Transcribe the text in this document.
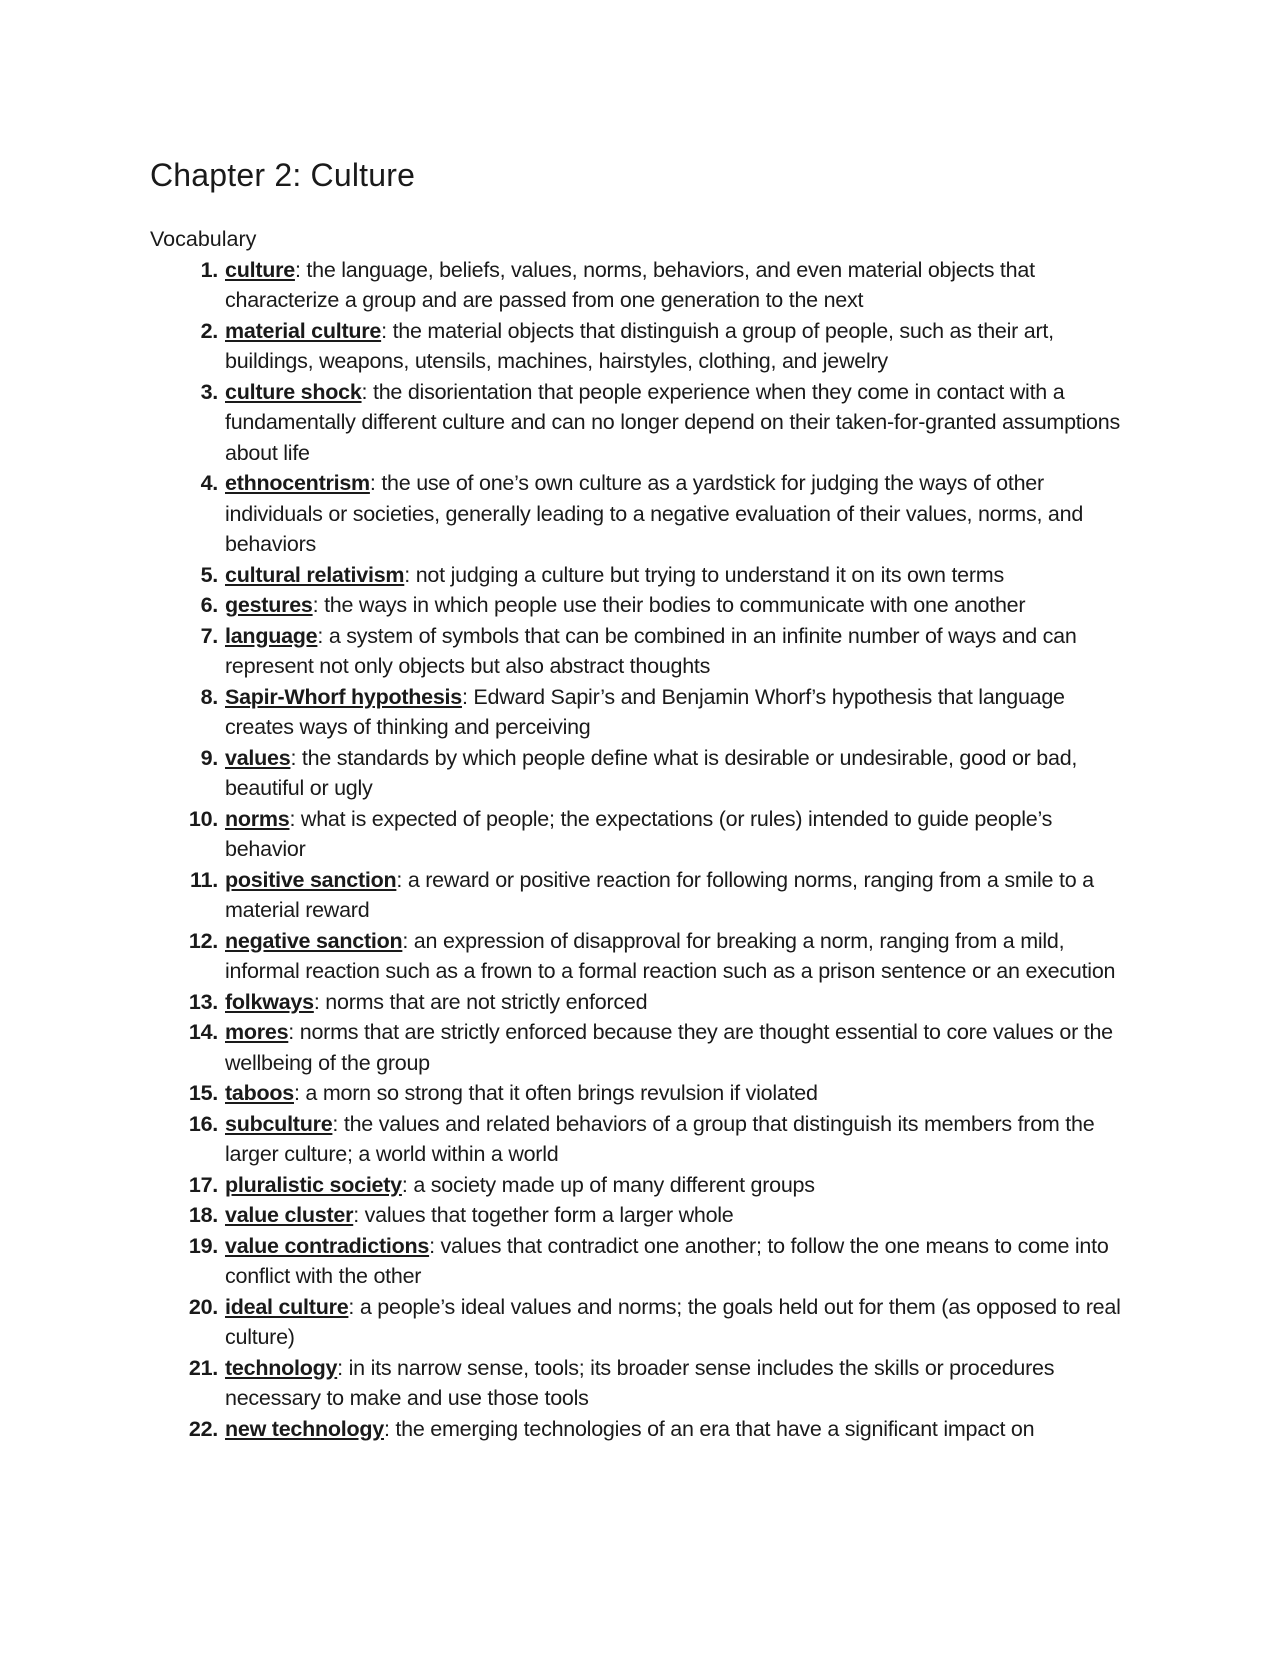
Chapter 2: Culture
Vocabulary
1. culture: the language, beliefs, values, norms, behaviors, and even material objects that characterize a group and are passed from one generation to the next
2. material culture: the material objects that distinguish a group of people, such as their art, buildings, weapons, utensils, machines, hairstyles, clothing, and jewelry
3. culture shock: the disorientation that people experience when they come in contact with a fundamentally different culture and can no longer depend on their taken-for-granted assumptions about life
4. ethnocentrism: the use of one’s own culture as a yardstick for judging the ways of other individuals or societies, generally leading to a negative evaluation of their values, norms, and behaviors
5. cultural relativism: not judging a culture but trying to understand it on its own terms
6. gestures: the ways in which people use their bodies to communicate with one another
7. language: a system of symbols that can be combined in an infinite number of ways and can represent not only objects but also abstract thoughts
8. Sapir-Whorf hypothesis: Edward Sapir’s and Benjamin Whorf’s hypothesis that language creates ways of thinking and perceiving
9. values: the standards by which people define what is desirable or undesirable, good or bad, beautiful or ugly
10. norms: what is expected of people; the expectations (or rules) intended to guide people’s behavior
11. positive sanction: a reward or positive reaction for following norms, ranging from a smile to a material reward
12. negative sanction: an expression of disapproval for breaking a norm, ranging from a mild, informal reaction such as a frown to a formal reaction such as a prison sentence or an execution
13. folkways: norms that are not strictly enforced
14. mores: norms that are strictly enforced because they are thought essential to core values or the wellbeing of the group
15. taboos: a morn so strong that it often brings revulsion if violated
16. subculture: the values and related behaviors of a group that distinguish its members from the larger culture; a world within a world
17. pluralistic society: a society made up of many different groups
18. value cluster: values that together form a larger whole
19. value contradictions: values that contradict one another; to follow the one means to come into conflict with the other
20. ideal culture: a people’s ideal values and norms; the goals held out for them (as opposed to real culture)
21. technology: in its narrow sense, tools; its broader sense includes the skills or procedures necessary to make and use those tools
22. new technology: the emerging technologies of an era that have a significant impact on
